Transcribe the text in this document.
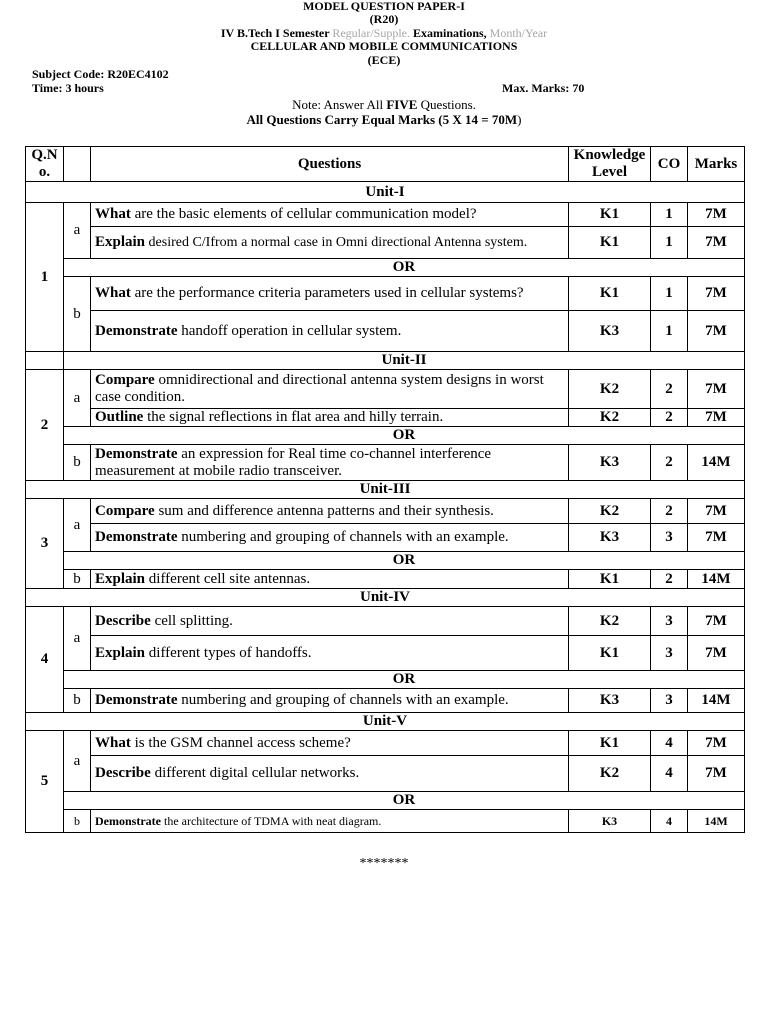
MODEL QUESTION PAPER-I
(R20)
IV B.Tech I Semester Regular/Supple. Examinations, Month/Year
CELLULAR AND MOBILE COMMUNICATIONS
(ECE)
Subject Code: R20EC4102
Time: 3 hours	Max. Marks: 70
Note: Answer All FIVE Questions.
All Questions Carry Equal Marks (5 X 14 = 70M)
Q.N o.		Questions	Knowledge Level	CO	Marks
Unit-I					
1	a	What are the basic elements of cellular communication model?	K1	1	7M
		Explain desired C/Ifrom a normal case in Omni directional Antenna system.	K1	1	7M
	OR				
	b	What are the performance criteria parameters used in cellular systems?	K1	1	7M
		Demonstrate handoff operation in cellular system.	K3	1	7M
	Unit-II				
2	a	Compare omnidirectional and directional antenna system designs in worst case condition.	K2	2	7M
		Outline the signal reflections in flat area and hilly terrain.	K2	2	7M
	OR				
	b	Demonstrate an expression for Real time co-channel interference measurement at mobile radio transceiver.	K3	2	14M
Unit-III					
3	a	Compare sum and difference antenna patterns and their synthesis.	K2	2	7M
		Demonstrate numbering and grouping of channels with an example.	K3	3	7M
	OR				
	b	Explain different cell site antennas.	K1	2	14M
Unit-IV					
4	a	Describe cell splitting.	K2	3	7M
		Explain different types of handoffs.	K1	3	7M
	OR				
	b	Demonstrate numbering and grouping of channels with an example.	K3	3	14M
Unit-V					
5	a	What is the GSM channel access scheme?	K1	4	7M
		Describe different digital cellular networks.	K2	4	7M
	OR				
	b	Demonstrate the architecture of TDMA with neat diagram.	K3	4	14M
*******
